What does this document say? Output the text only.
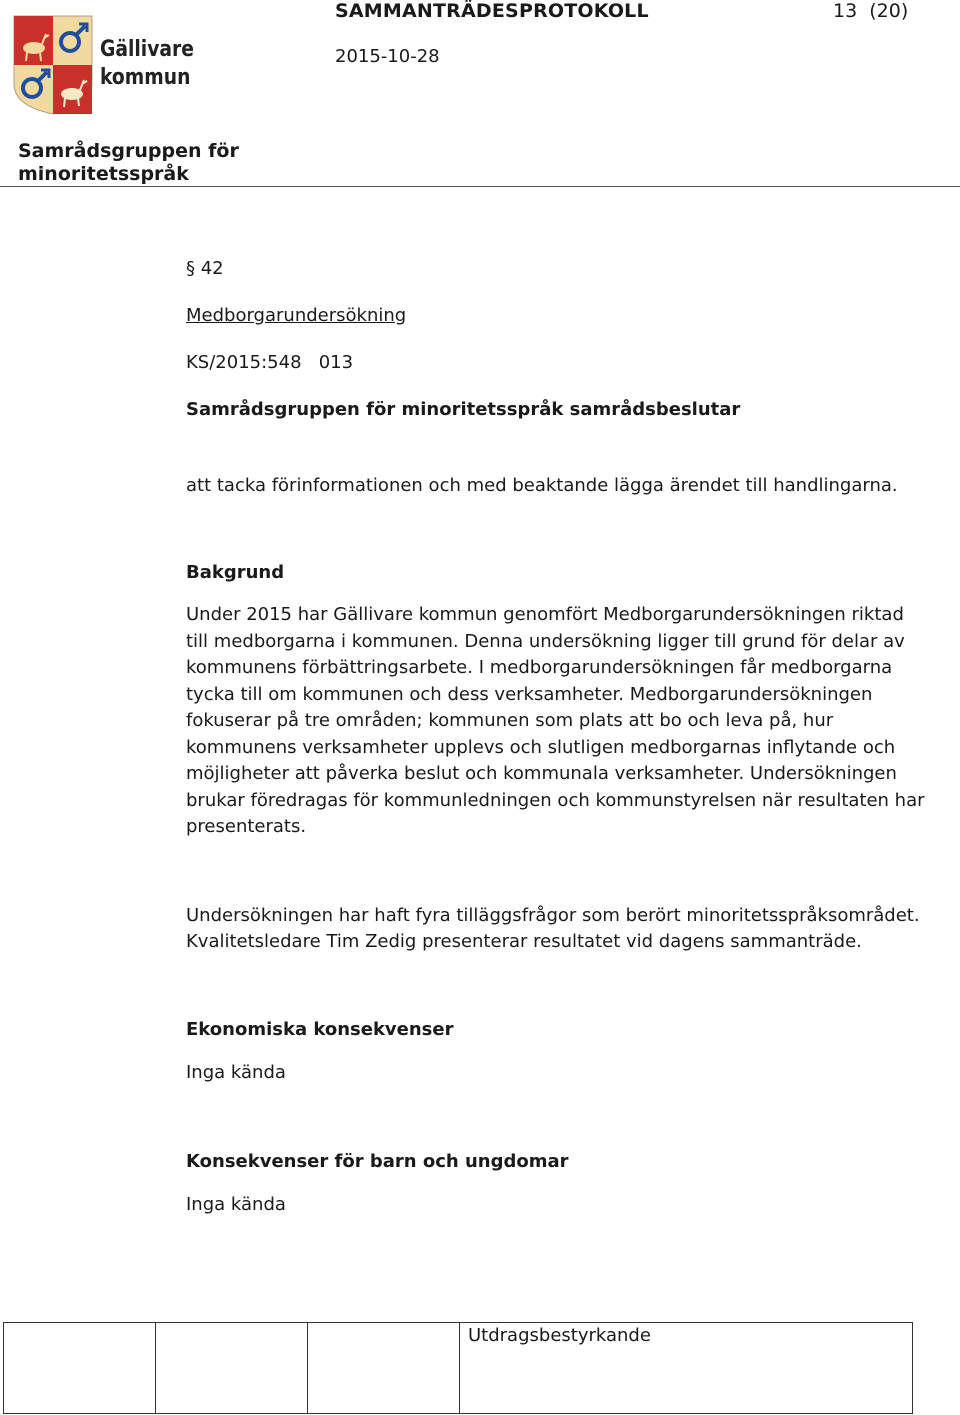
Gällivare
kommun
SAMMANTRÄDESPROTOKOLL	13  (20)
2015-10-28
Samrådsgruppen för
minoritetsspråk

§ 42

Medborgarundersökning

KS/2015:548   013

Samrådsgruppen för minoritetsspråk samrådsbeslutar

att tacka förinformationen och med beaktande lägga ärendet till handlingarna.

Bakgrund

Under 2015 har Gällivare kommun genomfört Medborgarundersökningen riktad till medborgarna i kommunen. Denna undersökning ligger till grund för delar av kommunens förbättringsarbete. I medborgarundersökningen får medborgarna tycka till om kommunen och dess verksamheter. Medborgarundersökningen fokuserar på tre områden; kommunen som plats att bo och leva på, hur kommunens verksamheter upplevs och slutligen medborgarnas inflytande och möjligheter att påverka beslut och kommunala verksamheter. Undersökningen brukar föredragas för kommunledningen och kommunstyrelsen när resultaten har presenterats.

Undersökningen har haft fyra tilläggsfrågor som berört minoritetsspråksområdet. Kvalitetsledare Tim Zedig presenterar resultatet vid dagens sammanträde.

Ekonomiska konsekvenser

Inga kända

Konsekvenser för barn och ungdomar

Inga kända

Utdragsbestyrkande
